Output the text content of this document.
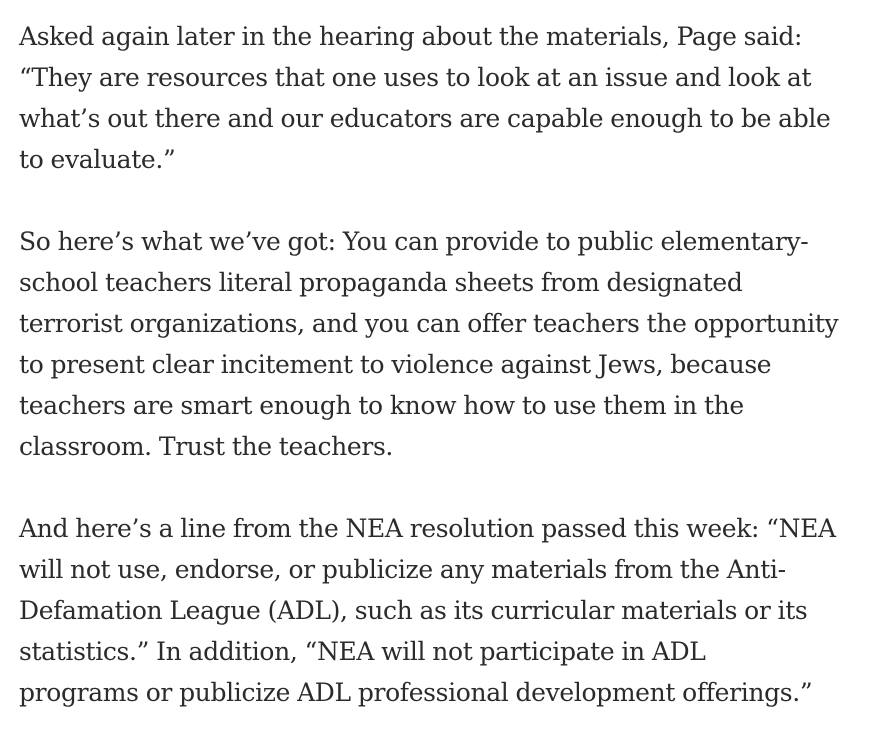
Asked again later in the hearing about the materials, Page said:
“They are resources that one uses to look at an issue and look at
what’s out there and our educators are capable enough to be able
to evaluate.”

So here’s what we’ve got: You can provide to public elementary-
school teachers literal propaganda sheets from designated
terrorist organizations, and you can offer teachers the opportunity
to present clear incitement to violence against Jews, because
teachers are smart enough to know how to use them in the
classroom. Trust the teachers.

And here’s a line from the NEA resolution passed this week: “NEA
will not use, endorse, or publicize any materials from the Anti-
Defamation League (ADL), such as its curricular materials or its
statistics.” In addition, “NEA will not participate in ADL
programs or publicize ADL professional development offerings.”
